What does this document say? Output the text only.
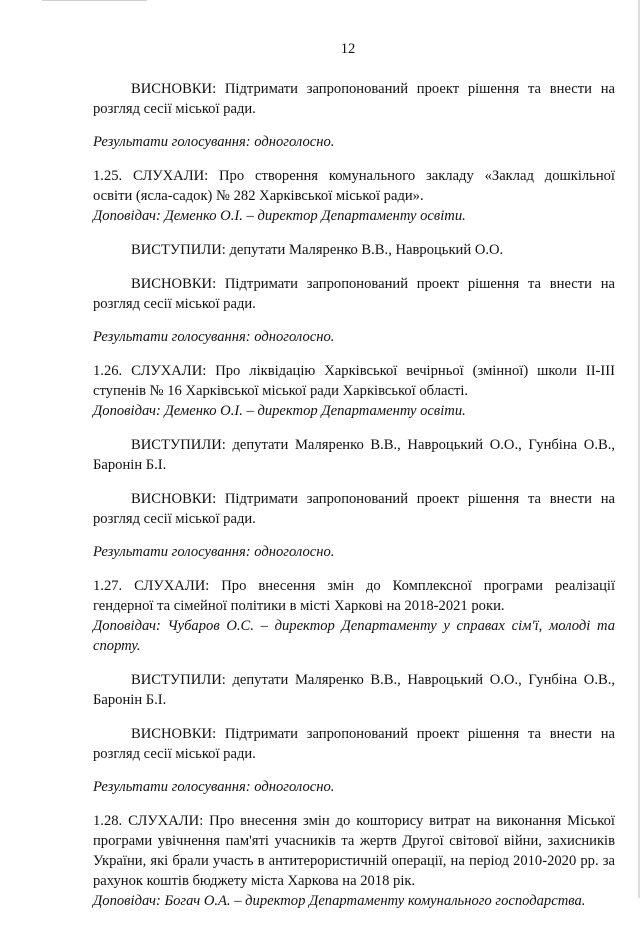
12
ВИСНОВКИ: Підтримати запропонований проект рішення та внести на
розгляд сесії міської ради.
Результати голосування: одноголосно.
1.25. СЛУХАЛИ: Про створення комунального закладу «Заклад дошкільної
освіти (ясла-садок) № 282 Харківської міської ради».
Доповідач: Деменко О.І. – директор Департаменту освіти.
ВИСТУПИЛИ: депутати Маляренко В.В., Навроцький О.О.
ВИСНОВКИ: Підтримати запропонований проект рішення та внести на
розгляд сесії міської ради.
Результати голосування: одноголосно.
1.26. СЛУХАЛИ: Про ліквідацію Харківської вечірньої (змінної) школи ІІ-ІІІ
ступенів № 16 Харківської міської ради Харківської області.
Доповідач: Деменко О.І. – директор Департаменту освіти.
ВИСТУПИЛИ: депутати Маляренко В.В., Навроцький О.О., Гунбіна О.В.,
Баронін Б.І.
ВИСНОВКИ: Підтримати запропонований проект рішення та внести на
розгляд сесії міської ради.
Результати голосування: одноголосно.
1.27. СЛУХАЛИ: Про внесення змін до Комплексної програми реалізації
гендерної та сімейної політики в місті Харкові на 2018-2021 роки.
Доповідач: Чубаров О.С. – директор Департаменту у справах сім'ї, молоді та
спорту.
ВИСТУПИЛИ: депутати Маляренко В.В., Навроцький О.О., Гунбіна О.В.,
Баронін Б.І.
ВИСНОВКИ: Підтримати запропонований проект рішення та внести на
розгляд сесії міської ради.
Результати голосування: одноголосно.
1.28. СЛУХАЛИ: Про внесення змін до кошторису витрат на виконання Міської
програми увічнення пам'яті учасників та жертв Другої світової війни, захисників
України, які брали участь в антитерористичній операції, на період 2010-2020 рр. за
рахунок коштів бюджету міста Харкова на 2018 рік.
Доповідач: Богач О.А. – директор Департаменту комунального господарства.
